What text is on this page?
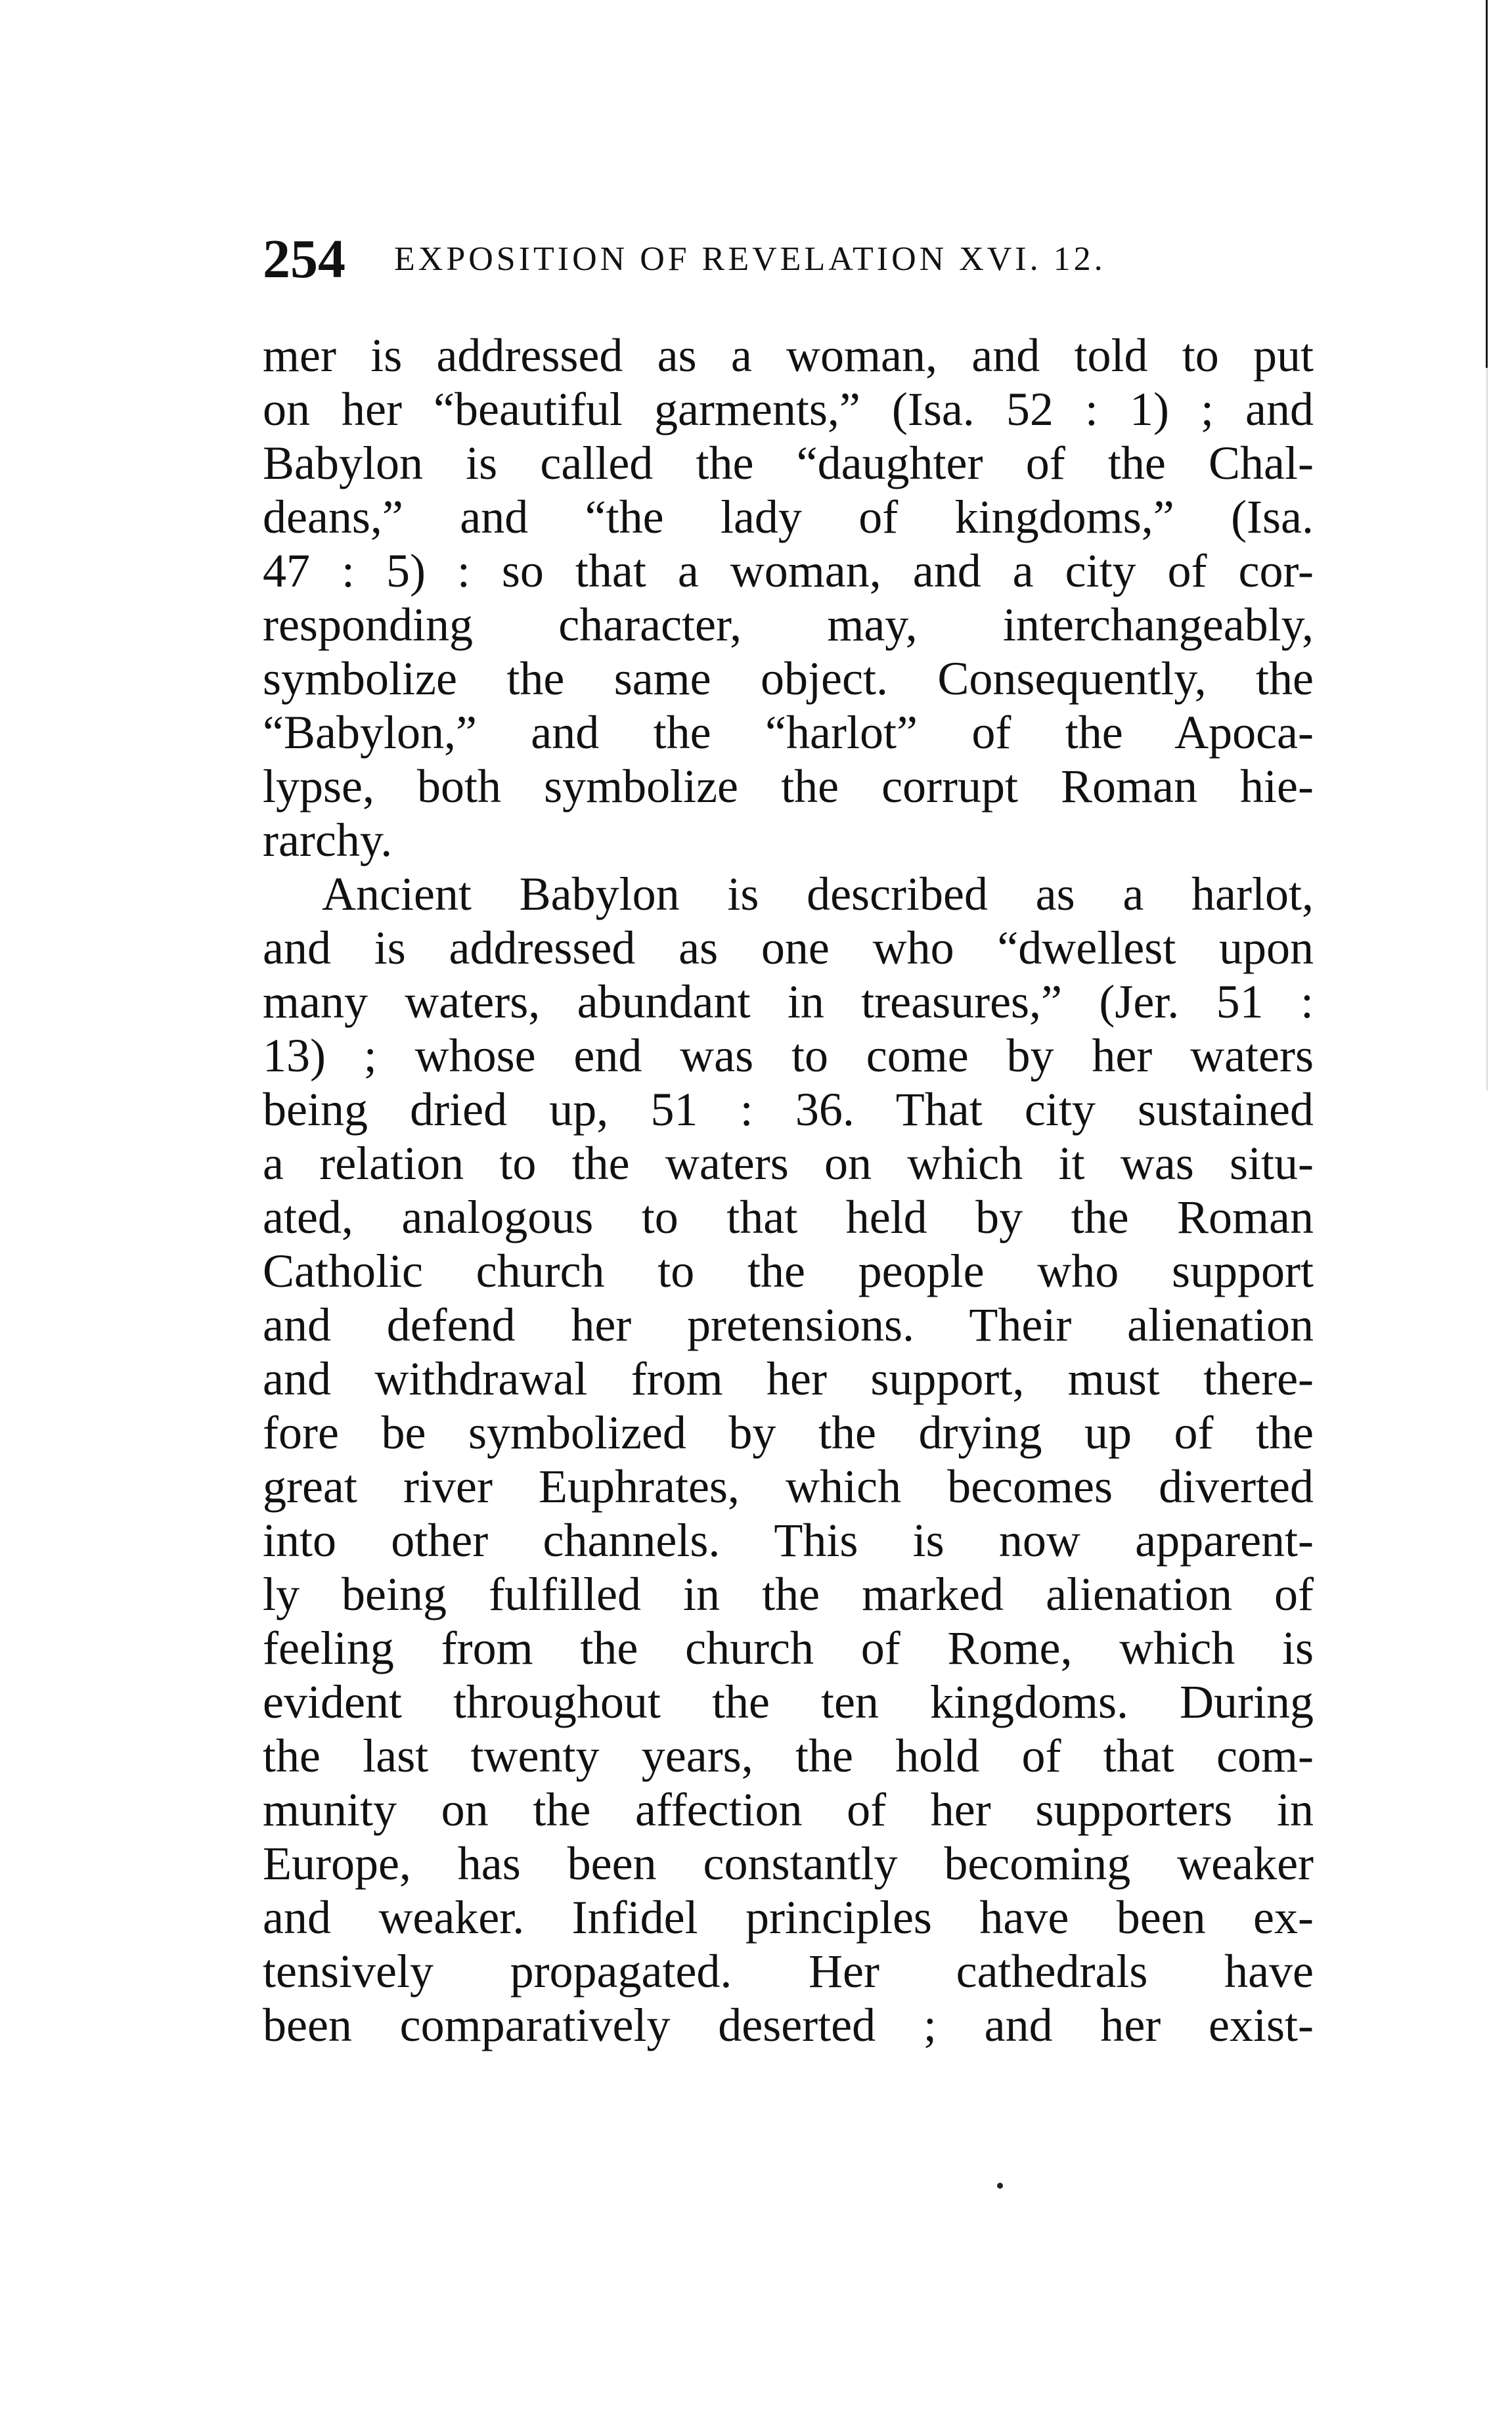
254 EXPOSITION OF REVELATION XVI. 12.
mer is addressed as a woman, and told to put
on her “beautiful garments,” (Isa. 52 : 1) ; and
Babylon is called the “daughter of the Chal-
deans,” and “the lady of kingdoms,” (Isa.
47 : 5) : so that a woman, and a city of cor-
responding character, may, interchangeably,
symbolize the same object. Consequently, the
“Babylon,” and the “harlot” of the Apoca-
lypse, both symbolize the corrupt Roman hie-
rarchy.
Ancient Babylon is described as a harlot,
and is addressed as one who “dwellest upon
many waters, abundant in treasures,” (Jer. 51 :
13) ; whose end was to come by her waters
being dried up, 51 : 36. That city sustained
a relation to the waters on which it was situ-
ated, analogous to that held by the Roman
Catholic church to the people who support
and defend her pretensions. Their alienation
and withdrawal from her support, must there-
fore be symbolized by the drying up of the
great river Euphrates, which becomes diverted
into other channels. This is now apparent-
ly being fulfilled in the marked alienation of
feeling from the church of Rome, which is
evident throughout the ten kingdoms. During
the last twenty years, the hold of that com-
munity on the affection of her supporters in
Europe, has been constantly becoming weaker
and weaker. Infidel principles have been ex-
tensively propagated. Her cathedrals have
been comparatively deserted ; and her exist-
